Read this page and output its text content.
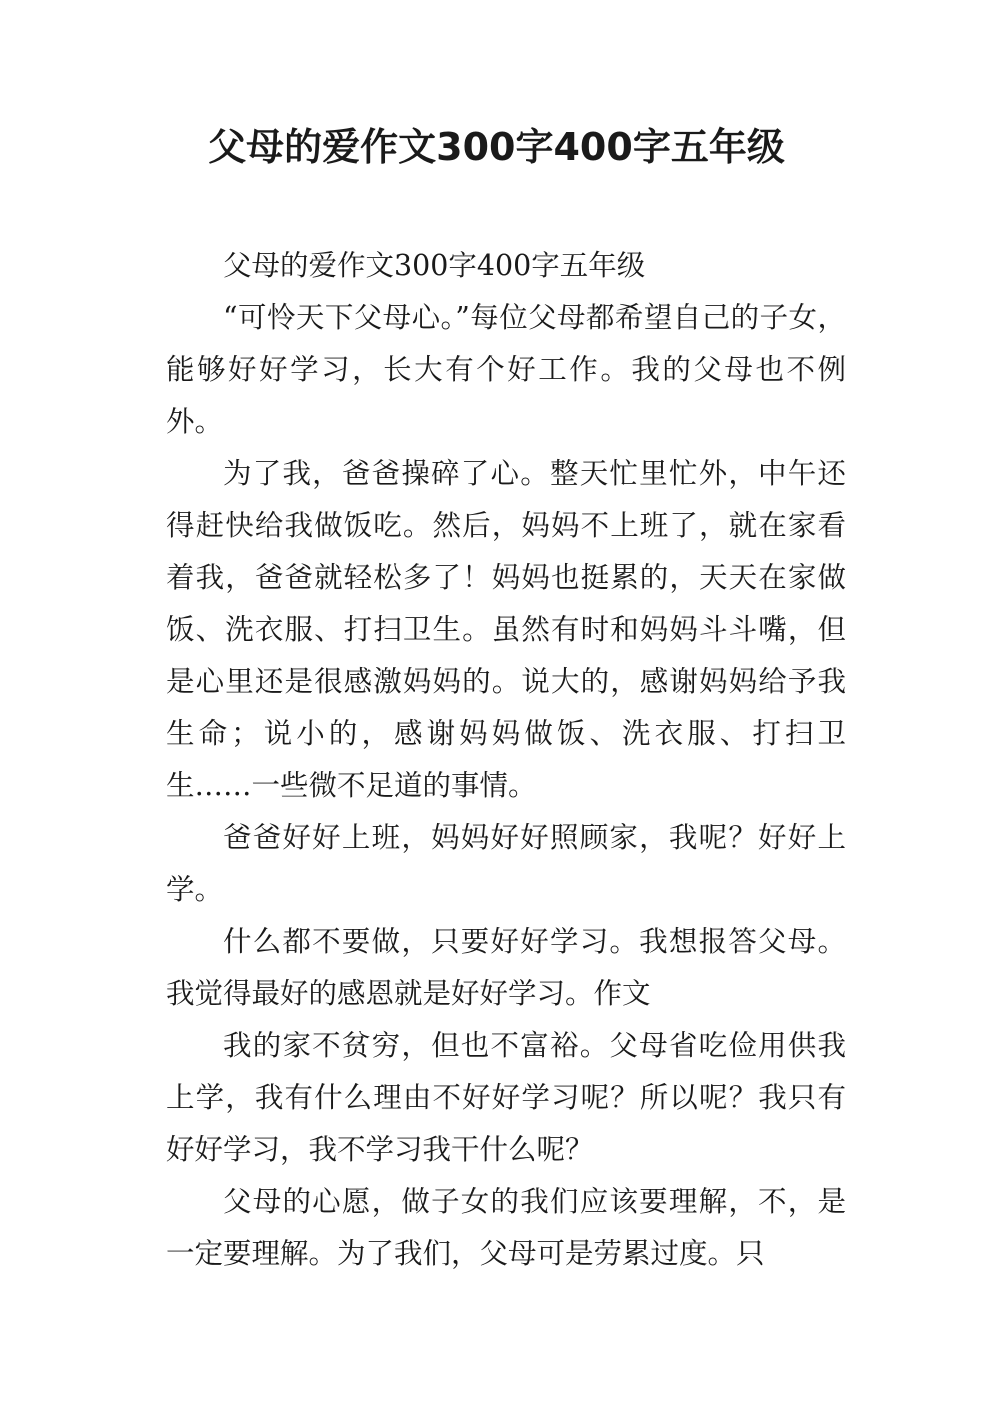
父母的爱作文300字400字五年级

父母的爱作文300字400字五年级

“可怜天下父母心。”每位父母都希望自己的子女，能够好好学习，长大有个好工作。我的父母也不例外。

为了我，爸爸操碎了心。整天忙里忙外，中午还得赶快给我做饭吃。然后，妈妈不上班了，就在家看着我，爸爸就轻松多了！妈妈也挺累的，天天在家做饭、洗衣服、打扫卫生。虽然有时和妈妈斗斗嘴，但是心里还是很感激妈妈的。说大的，感谢妈妈给予我生命；说小的，感谢妈妈做饭、洗衣服、打扫卫生……一些微不足道的事情。

爸爸好好上班，妈妈好好照顾家，我呢？好好上学。

什么都不要做，只要好好学习。我想报答父母。我觉得最好的感恩就是好好学习。作文

我的家不贫穷，但也不富裕。父母省吃俭用供我上学，我有什么理由不好好学习呢？所以呢？我只有好好学习，我不学习我干什么呢？

父母的心愿，做子女的我们应该要理解，不，是一定要理解。为了我们，父母可是劳累过度。只
